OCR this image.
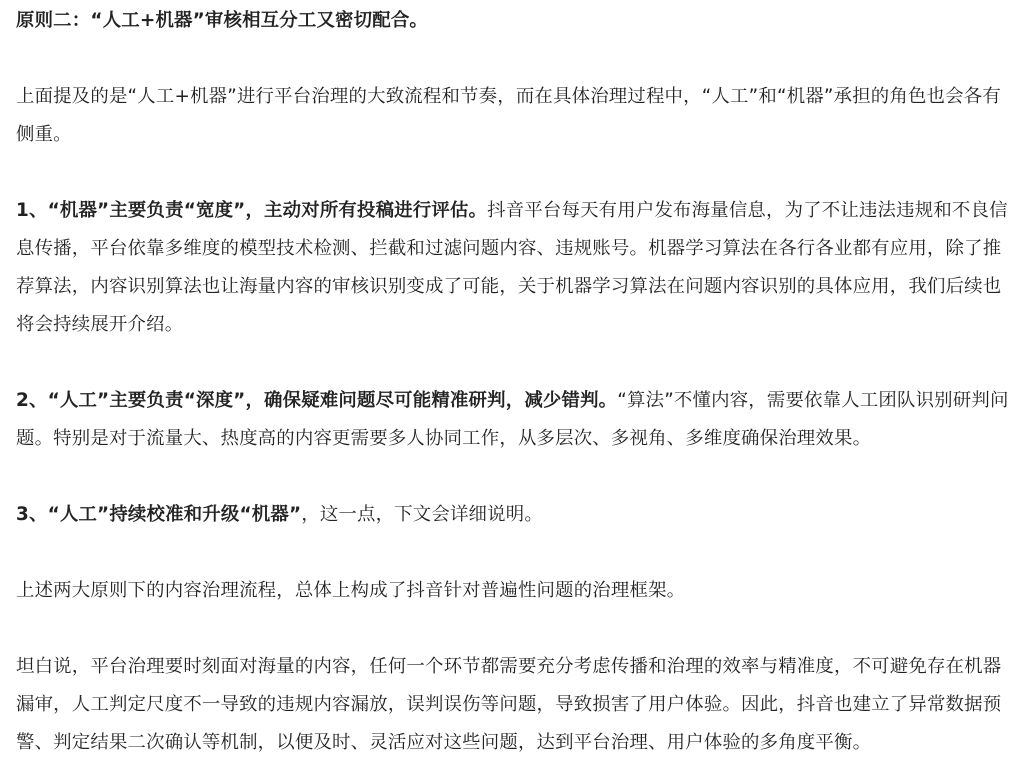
原则二：“人工+机器”审核相互分工又密切配合。

上面提及的是“人工+机器”进行平台治理的大致流程和节奏，而在具体治理过程中，“人工”和“机器”承担的角色也会各有侧重。

1、“机器”主要负责“宽度”，主动对所有投稿进行评估。抖音平台每天有用户发布海量信息，为了不让违法违规和不良信息传播，平台依靠多维度的模型技术检测、拦截和过滤问题内容、违规账号。机器学习算法在各行各业都有应用，除了推荐算法，内容识别算法也让海量内容的审核识别变成了可能，关于机器学习算法在问题内容识别的具体应用，我们后续也将会持续展开介绍。

2、“人工”主要负责“深度”，确保疑难问题尽可能精准研判，减少错判。“算法”不懂内容，需要依靠人工团队识别研判问题。特别是对于流量大、热度高的内容更需要多人协同工作，从多层次、多视角、多维度确保治理效果。

3、“人工”持续校准和升级“机器”，这一点，下文会详细说明。

上述两大原则下的内容治理流程，总体上构成了抖音针对普遍性问题的治理框架。

坦白说，平台治理要时刻面对海量的内容，任何一个环节都需要充分考虑传播和治理的效率与精准度，不可避免存在机器漏审，人工判定尺度不一导致的违规内容漏放，误判误伤等问题，导致损害了用户体验。因此，抖音也建立了异常数据预警、判定结果二次确认等机制，以便及时、灵活应对这些问题，达到平台治理、用户体验的多角度平衡。
